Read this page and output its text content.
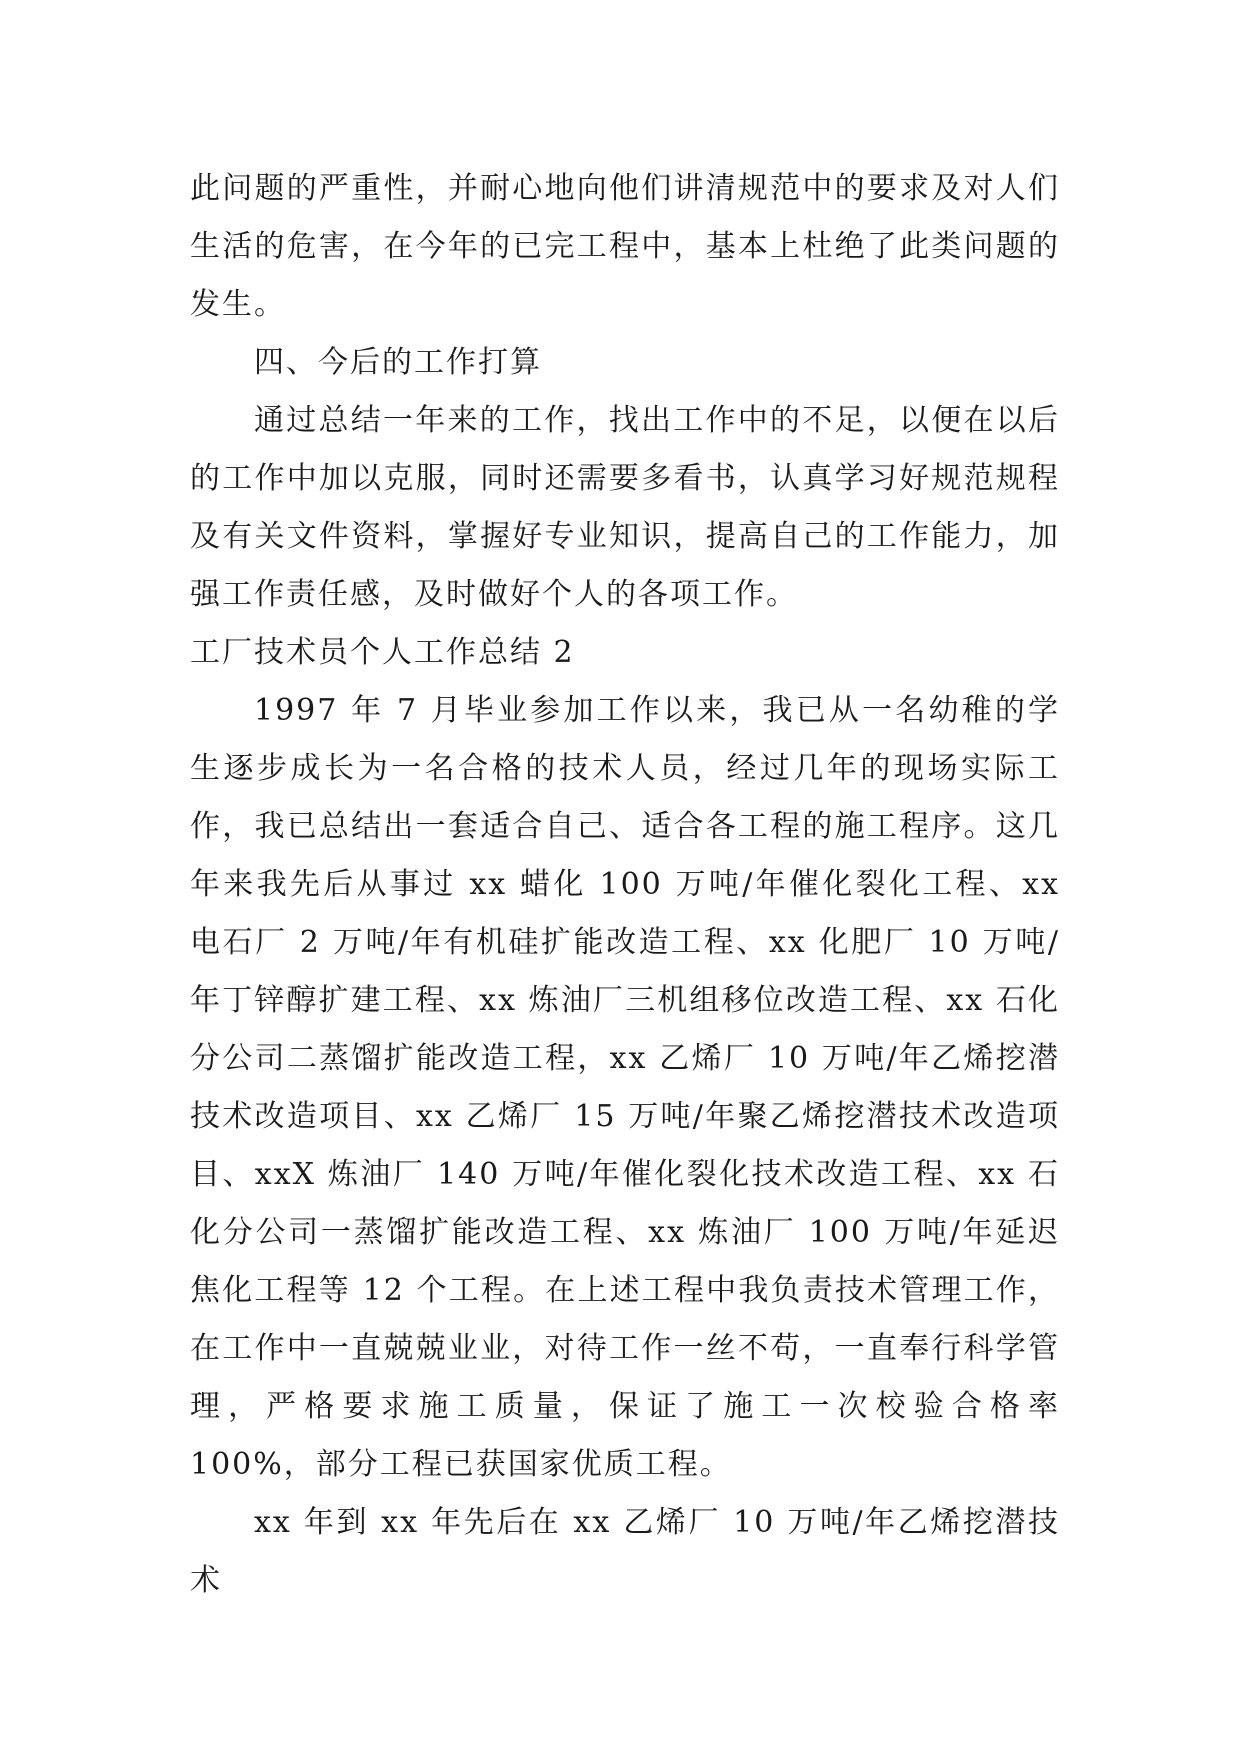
此问题的严重性，并耐心地向他们讲清规范中的要求及对人们生活的危害，在今年的已完工程中，基本上杜绝了此类问题的发生。

四、今后的工作打算

通过总结一年来的工作，找出工作中的不足，以便在以后的工作中加以克服，同时还需要多看书，认真学习好规范规程及有关文件资料，掌握好专业知识，提高自己的工作能力，加强工作责任感，及时做好个人的各项工作。

工厂技术员个人工作总结 2

1997 年 7 月毕业参加工作以来，我已从一名幼稚的学生逐步成长为一名合格的技术人员，经过几年的现场实际工作，我已总结出一套适合自己、适合各工程的施工程序。这几年来我先后从事过 xx 蜡化 100 万吨/年催化裂化工程、xx 电石厂 2 万吨/年有机硅扩能改造工程、xx 化肥厂 10 万吨/年丁锌醇扩建工程、xx 炼油厂三机组移位改造工程、xx 石化分公司二蒸馏扩能改造工程，xx 乙烯厂 10 万吨/年乙烯挖潜技术改造项目、xx 乙烯厂 15 万吨/年聚乙烯挖潜技术改造项目、xxX 炼油厂 140 万吨/年催化裂化技术改造工程、xx 石化分公司一蒸馏扩能改造工程、xx 炼油厂 100 万吨/年延迟焦化工程等 12 个工程。在上述工程中我负责技术管理工作，在工作中一直兢兢业业，对待工作一丝不苟，一直奉行科学管理，严格要求施工质量，保证了施工一次校验合格率 100%，部分工程已获国家优质工程。

xx 年到 xx 年先后在 xx 乙烯厂 10 万吨/年乙烯挖潜技术
